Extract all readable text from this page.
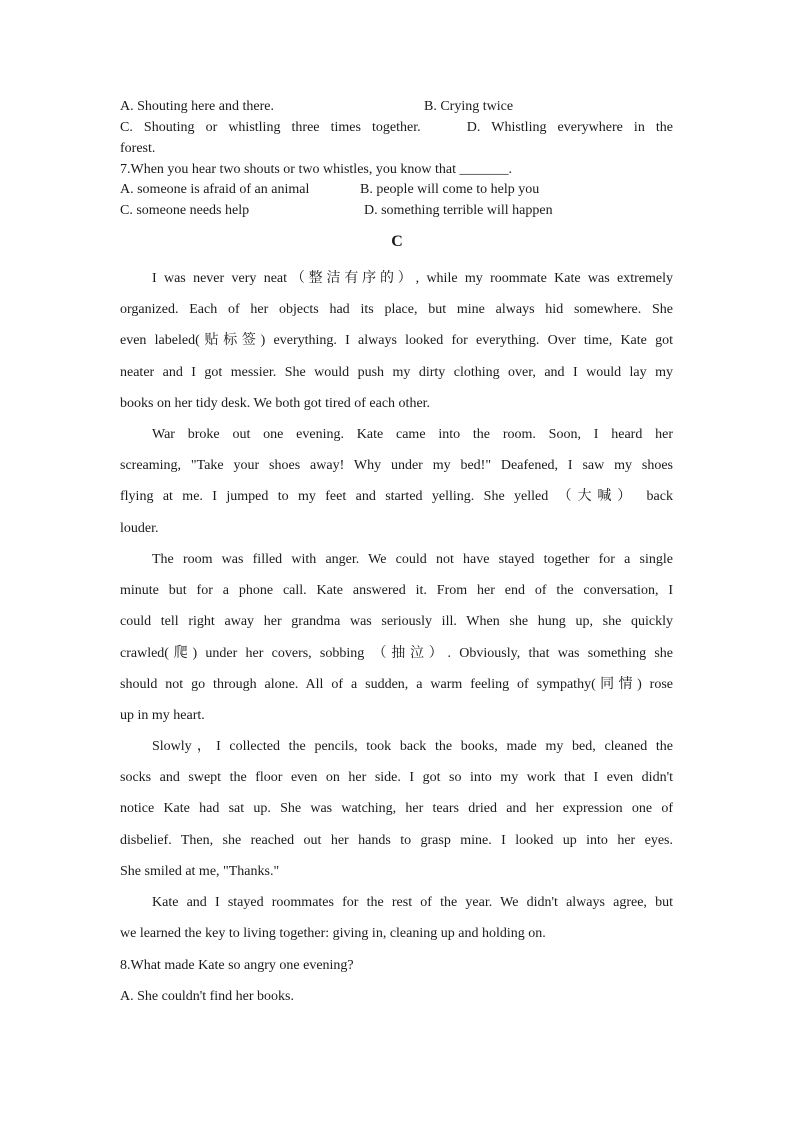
A. Shouting here and there.	B. Crying twice
C. Shouting or whistling three times together.	D. Whistling everywhere in the
forest.
7.When you hear two shouts or two whistles, you know that _______.
A. someone is afraid of an animal	B. people will come to help you
C. someone needs help	D. something terrible will happen
C
I was never very neat（整洁有序的）, while my roommate Kate was extremely
organized. Each of her objects had its place, but mine always hid somewhere. She
even labeled(贴标签) everything. I always looked for everything. Over time, Kate got
neater and I got messier. She would push my dirty clothing over, and I would lay my
books on her tidy desk. We both got tired of each other.
War broke out one evening. Kate came into the room. Soon, I heard her
screaming, "Take your shoes away! Why under my bed!" Deafened, I saw my shoes
flying at me. I jumped to my feet and started yelling. She yelled （大喊） back
louder.
The room was filled with anger. We could not have stayed together for a single
minute but for a phone call. Kate answered it. From her end of the conversation, I
could tell right away her grandma was seriously ill. When she hung up, she quickly
crawled(爬) under her covers, sobbing （抽泣）. Obviously, that was something she
should not go through alone. All of a sudden, a warm feeling of sympathy(同情) rose
up in my heart.
Slowly，I collected the pencils, took back the books, made my bed, cleaned the
socks and swept the floor even on her side. I got so into my work that I even didn't
notice Kate had sat up. She was watching, her tears dried and her expression one of
disbelief. Then, she reached out her hands to grasp mine. I looked up into her eyes.
She smiled at me, "Thanks."
Kate and I stayed roommates for the rest of the year. We didn't always agree, but
we learned the key to living together: giving in, cleaning up and holding on.
8.What made Kate so angry one evening?
A. She couldn't find her books.
